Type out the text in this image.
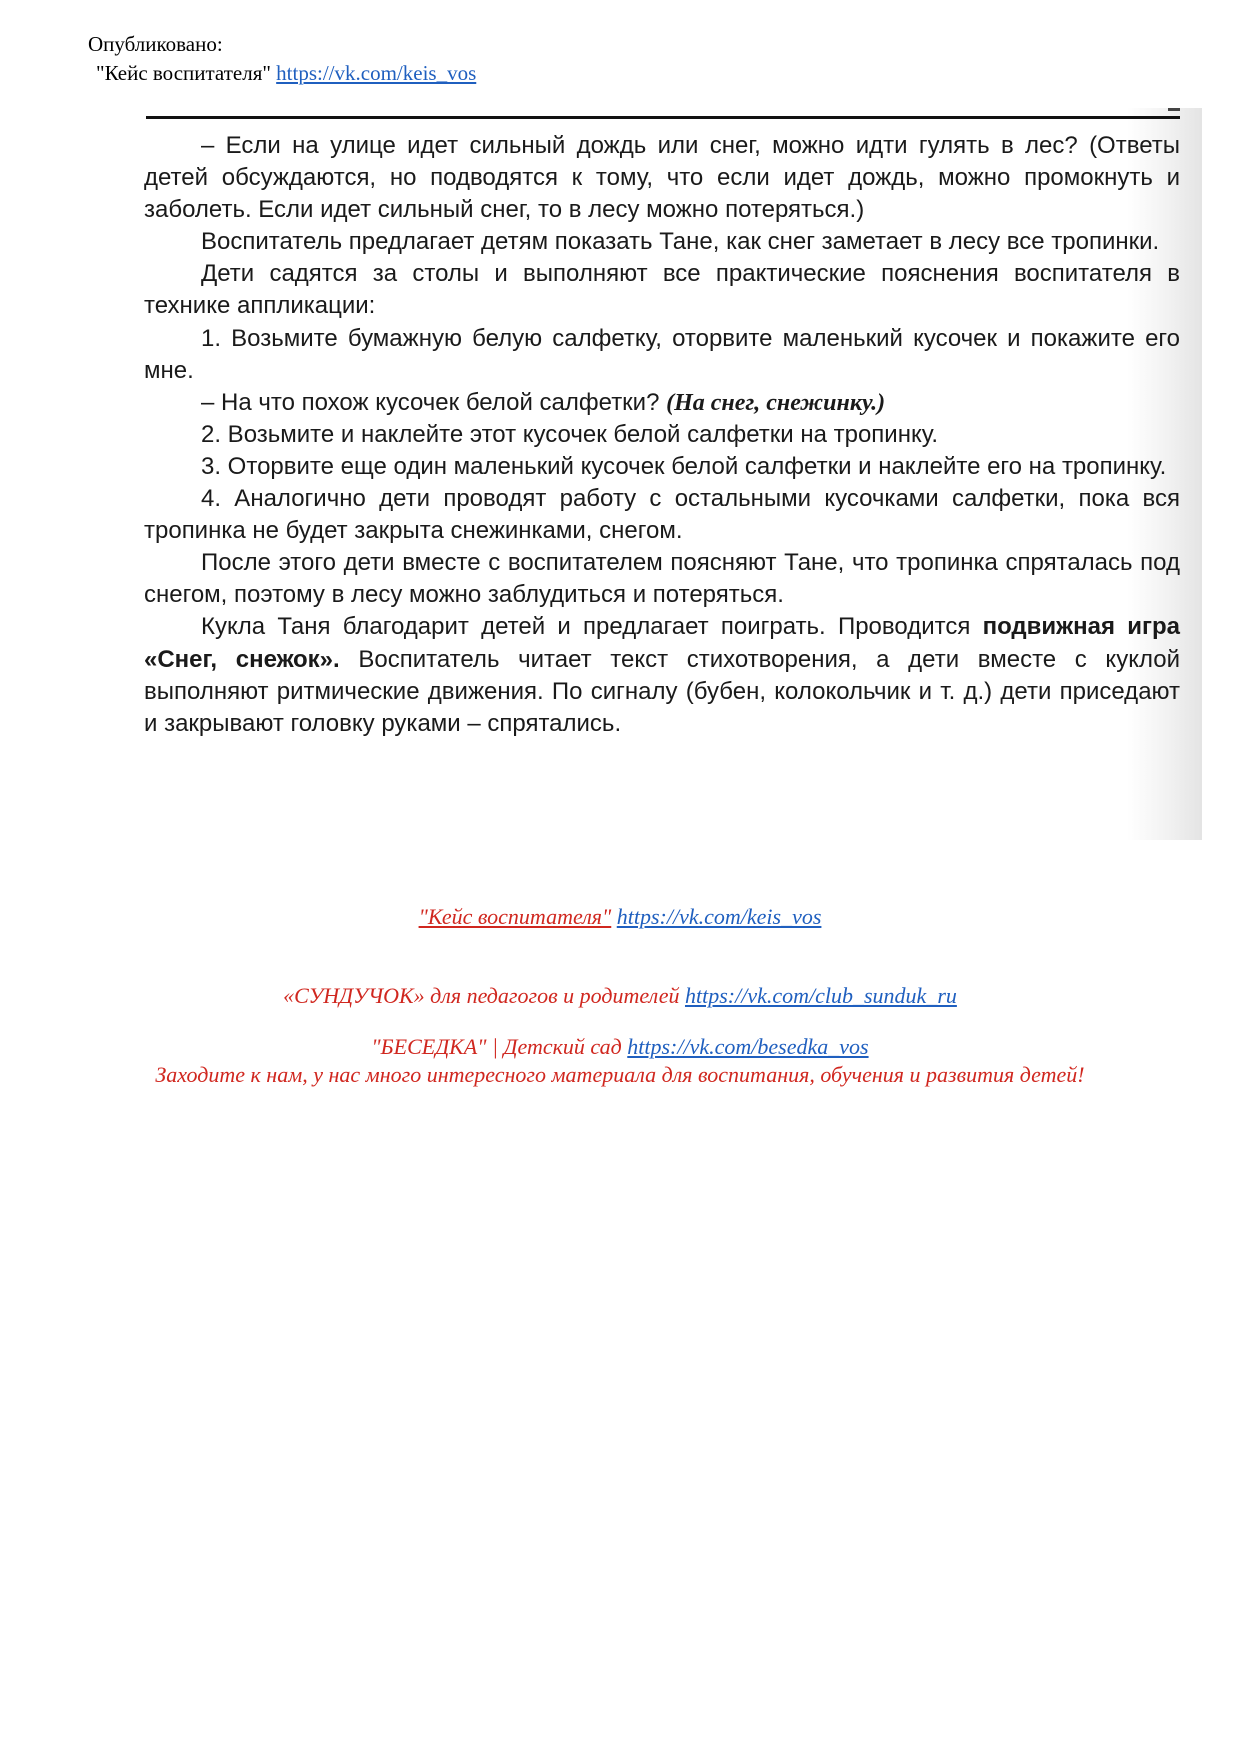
Опубликовано:
"Кейс воспитателя" https://vk.com/keis_vos

– Если на улице идет сильный дождь или снег, можно идти гулять в лес? (Ответы детей обсуждаются, но подводятся к тому, что если идет дождь, можно промокнуть и заболеть. Если идет сильный снег, то в лесу можно потеряться.)

Воспитатель предлагает детям показать Тане, как снег заметает в лесу все тропинки.

Дети садятся за столы и выполняют все практические пояснения воспитателя в технике аппликации:

1. Возьмите бумажную белую салфетку, оторвите маленький кусочек и покажите его мне.

– На что похож кусочек белой салфетки? (На снег, снежинку.)

2. Возьмите и наклейте этот кусочек белой салфетки на тропинку.

3. Оторвите еще один маленький кусочек белой салфетки и наклейте его на тропинку.

4. Аналогично дети проводят работу с остальными кусочками салфетки, пока вся тропинка не будет закрыта снежинками, снегом.

После этого дети вместе с воспитателем поясняют Тане, что тропинка спряталась под снегом, поэтому в лесу можно заблудиться и потеряться.

Кукла Таня благодарит детей и предлагает поиграть. Проводится подвижная игра «Снег, снежок». Воспитатель читает текст стихотворения, а дети вместе с куклой выполняют ритмические движения. По сигналу (бубен, колокольчик и т. д.) дети приседают и закрывают головку руками – спрятались.

"Кейс воспитателя" https://vk.com/keis_vos
«СУНДУЧОК» для педагогов и родителей https://vk.com/club_sunduk_ru
"БЕСЕДКА" | Детский сад https://vk.com/besedka_vos
Заходите к нам, у нас много интересного материала для воспитания, обучения и развития детей!
